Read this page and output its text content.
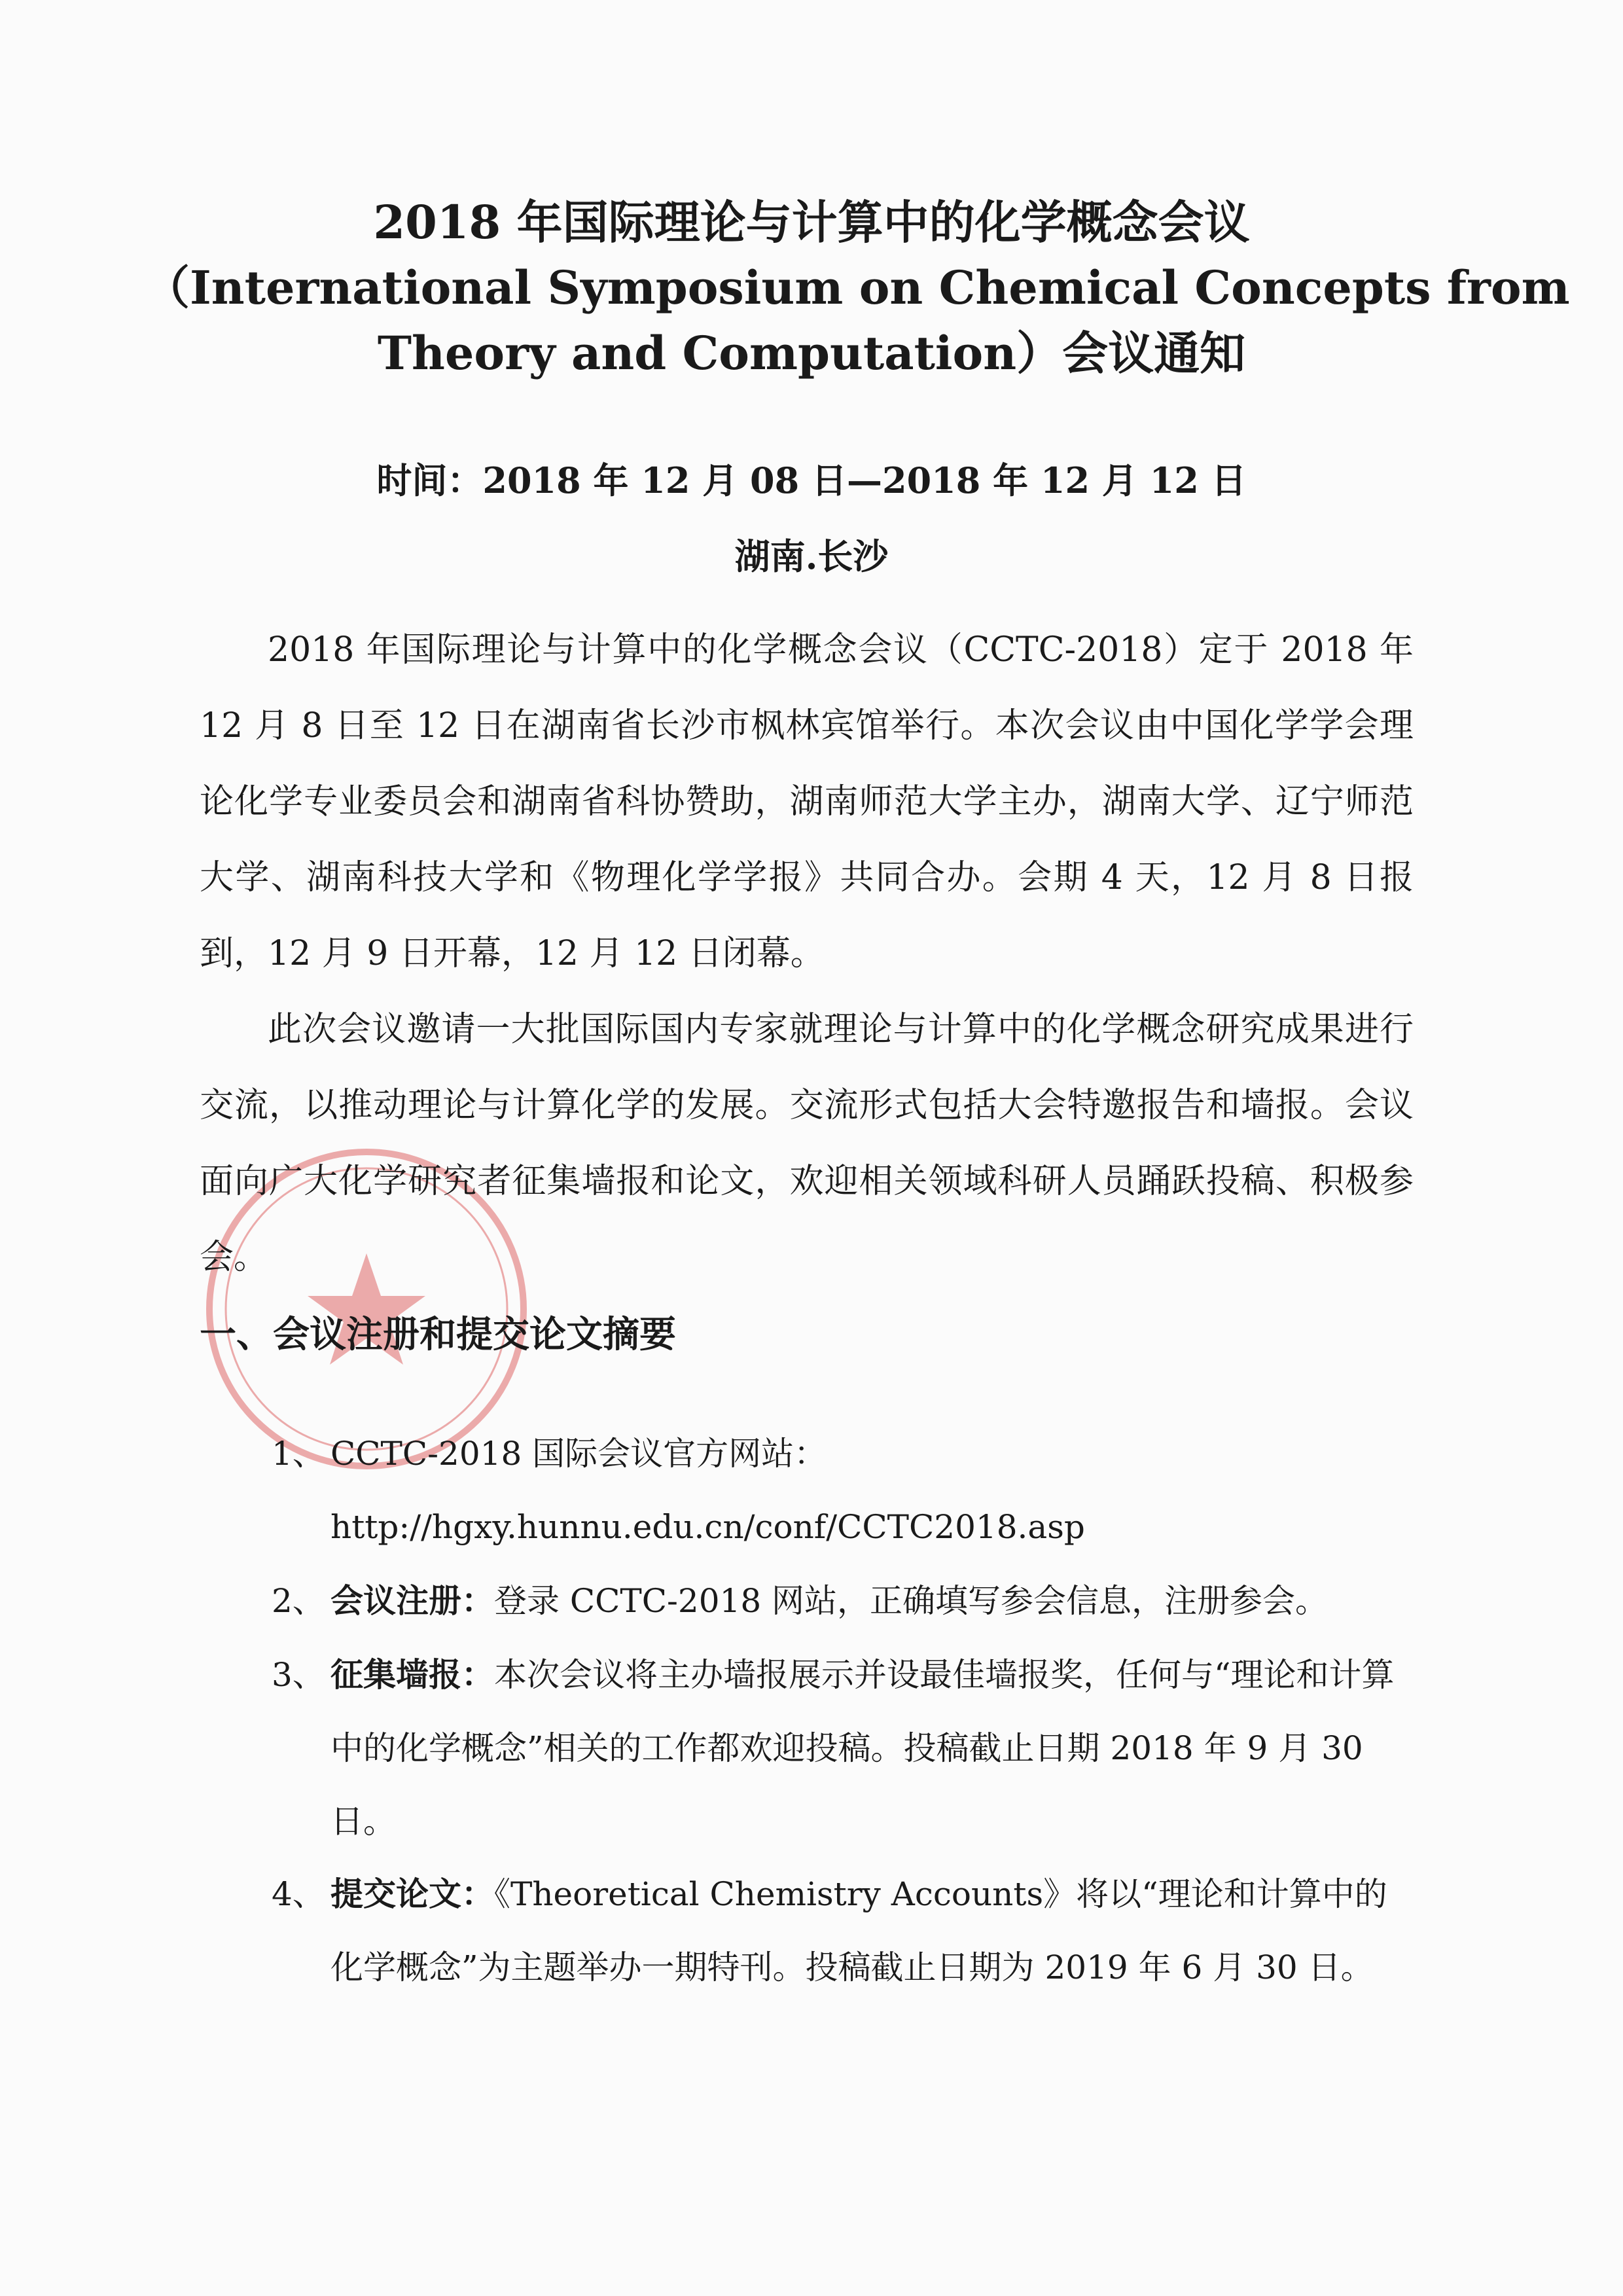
2018 年国际理论与计算中的化学概念会议
（International Symposium on Chemical Concepts from
Theory and Computation）会议通知
时间：2018 年 12 月 08 日—2018 年 12 月 12 日
湖南.长沙
2018 年国际理论与计算中的化学概念会议（CCTC-2018）定于 2018 年 12 月 8 日至 12 日在湖南省长沙市枫林宾馆举行。本次会议由中国化学学会理论化学专业委员会和湖南省科协赞助，湖南师范大学主办，湖南大学、辽宁师范大学、湖南科技大学和《物理化学学报》共同合办。会期 4 天，12 月 8 日报到，12 月 9 日开幕，12 月 12 日闭幕。
此次会议邀请一大批国际国内专家就理论与计算中的化学概念研究成果进行交流，以推动理论与计算化学的发展。交流形式包括大会特邀报告和墙报。会议面向广大化学研究者征集墙报和论文，欢迎相关领域科研人员踊跃投稿、积极参会。
一、会议注册和提交论文摘要
1、 CCTC-2018 国际会议官方网站：
http://hgxy.hunnu.edu.cn/conf/CCTC2018.asp
2、 会议注册：登录 CCTC-2018 网站，正确填写参会信息，注册参会。
3、 征集墙报：本次会议将主办墙报展示并设最佳墙报奖，任何与“理论和计算中的化学概念”相关的工作都欢迎投稿。投稿截止日期 2018 年 9 月 30 日。
4、 提交论文：《Theoretical Chemistry Accounts》将以“理论和计算中的化学概念”为主题举办一期特刊。投稿截止日期为 2019 年 6 月 30 日。
